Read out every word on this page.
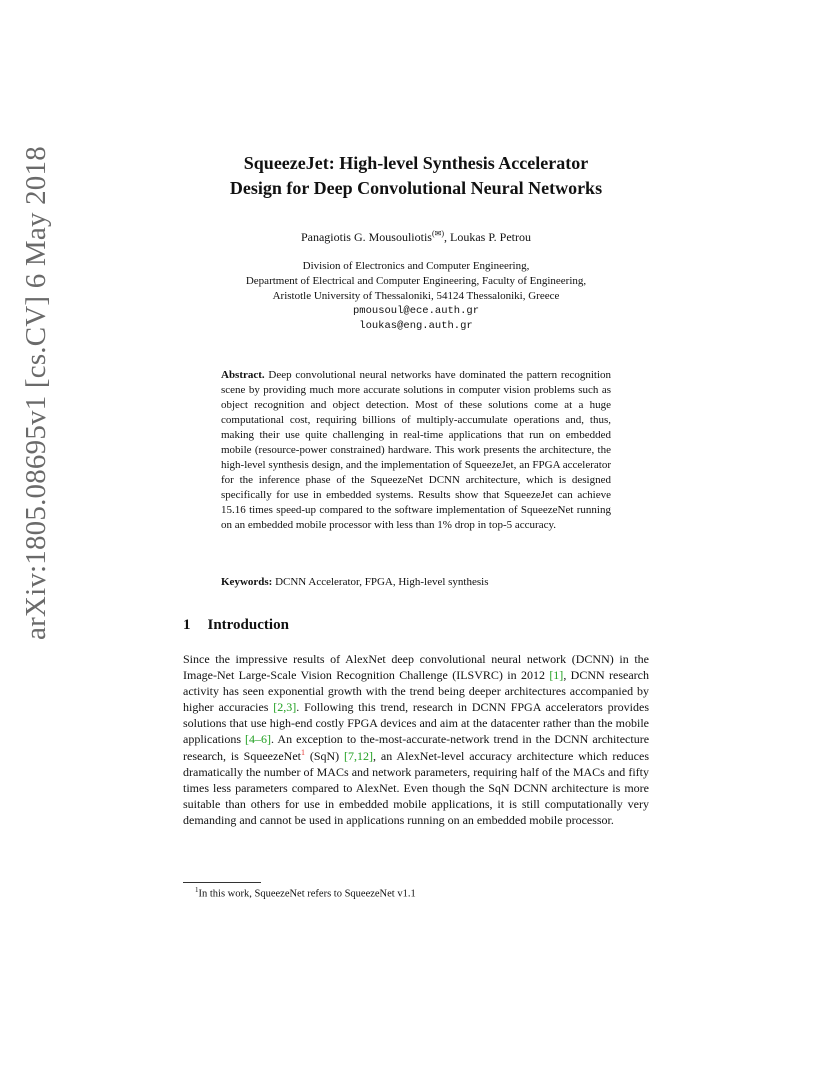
arXiv:1805.08695v1 [cs.CV] 6 May 2018	SqueezeJet: High-level Synthesis Accelerator
Design for Deep Convolutional Neural Networks
Panagiotis G. Mousouliotis(✉), Loukas P. Petrou
Division of Electronics and Computer Engineering,
Department of Electrical and Computer Engineering, Faculty of Engineering,
Aristotle University of Thessaloniki, 54124 Thessaloniki, Greece
pmousoul@ece.auth.gr
loukas@eng.auth.gr
Abstract. Deep convolutional neural networks have dominated the pattern recognition scene by providing much more accurate solutions in computer vision problems such as object recognition and object detection. Most of these solutions come at a huge computational cost, requiring billions of multiply-accumulate operations and, thus, making their use quite challenging in real-time applications that run on embedded mobile (resource-power constrained) hardware. This work presents the architecture, the high-level synthesis design, and the implementation of SqueezeJet, an FPGA accelerator for the inference phase of the SqueezeNet DCNN architecture, which is designed specifically for use in embedded systems. Results show that SqueezeJet can achieve 15.16 times speed-up compared to the software implementation of SqueezeNet running on an embedded mobile processor with less than 1% drop in top-5 accuracy.
Keywords: DCNN Accelerator, FPGA, High-level synthesis
1 Introduction
Since the impressive results of AlexNet deep convolutional neural network (DCNN) in the Image-Net Large-Scale Vision Recognition Challenge (ILSVRC) in 2012 [1], DCNN research activity has seen exponential growth with the trend being deeper architectures accompanied by higher accuracies [2,3]. Following this trend, research in DCNN FPGA accelerators provides solutions that use high-end costly FPGA devices and aim at the datacenter rather than the mobile applications [4–6]. An exception to the-most-accurate-network trend in the DCNN architecture research, is SqueezeNet$^1$ (SqN) [7,12], an AlexNet-level accuracy architecture which reduces dramatically the number of MACs and network parameters, requiring half of the MACs and fifty times less parameters compared to AlexNet. Even though the SqN DCNN architecture is more suitable than others for use in embedded mobile applications, it is still computationally very demanding and cannot be used in applications running on an embedded mobile processor.
$^1$In this work, SqueezeNet refers to SqueezeNet v1.1
